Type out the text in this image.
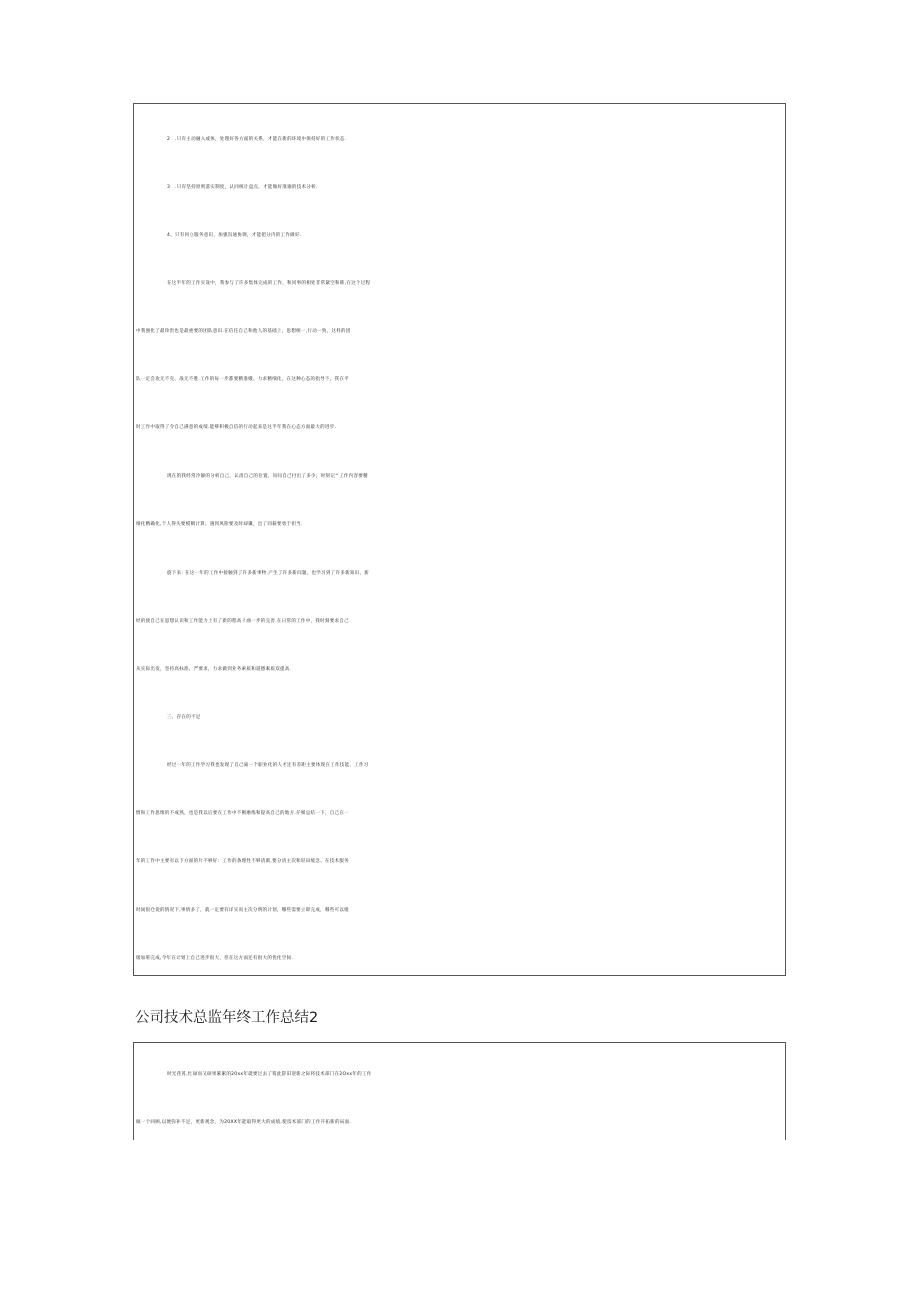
2　.只有主动融入或体，处理好各方面的关系，才能在新的环境中保持好的工作状态.
3　.只有坚持原则落实制度，认同统计盘点，才能做好准瑜的技术分析.
4、只有何立服务意识，加强沟通协调，才能把分内的工作做好.
在这半年的工作实设中，我参与了许多集体完成的工作，和同事的相处非常紧空和睦,在这个过程
中我强化了最珍贵也是最重要的团队意识.在信任自己和他人的基础上，思想统一,行动一致，这样的团
队一定会攻无不克、战无不胜.工作的每一步都要精准娥，力求精细化，在这种心态的指导下，我在平
时工作中取得了令自己满意的成绩.能够积极自信的行动起来是这半年我在心态方面最大的进步.
现在的我经常冷静的分析自己，认清自己的位置，问问自己付出了多少；时刻记^工作内容要精
细化精确化,个人得失要模棢计算；遇到风险要及时却谶，出了同萩要勇于担当.
旋下来: 在这一年的工作中接触到了许多新事物.产生了许多新问题，也学习到了许多新知识、新
经的使自己在思想认识和工作能力上有了新的程高彳曲一步的完善.在日常的工作中，我时刻要求自己
从实际出发，坚持高标准、严要求，力求做到业务索质和道德素质双提高.
三、存在的不足
经过一年的工作学习我也发现了自己离一个职业化的人才还有差距主要体现在工作技能、工作习
惯和工作思维的不成熟，也是我以后要在工作中不断磨练和提高自己的地方.仔细总结一下，自己在一
年的工作中主要有以下方面的片不够好：工作的条理性不够清渐,要分清主次和轻田缓急、在技术服务
时间很仓促的情况下,事情多了，就一定要有详实而主次分明的计划，哪些需要立即完成，哪些可以缓
缓加班完成,今年在计划上自己进步很大，但在这方面还有很大的优化空间.
公司技术总监年终工作总结2
时光荏苒,忙碌而又硕果累累的20xx年就要过去了筠此辞旧迎新之际将技术部门在2Oxx年的工作
做一个回顾,以便弥补不足，更新观念，为20XX年能取得更大的成绩,使技术部门的工作开拓新的局面.
